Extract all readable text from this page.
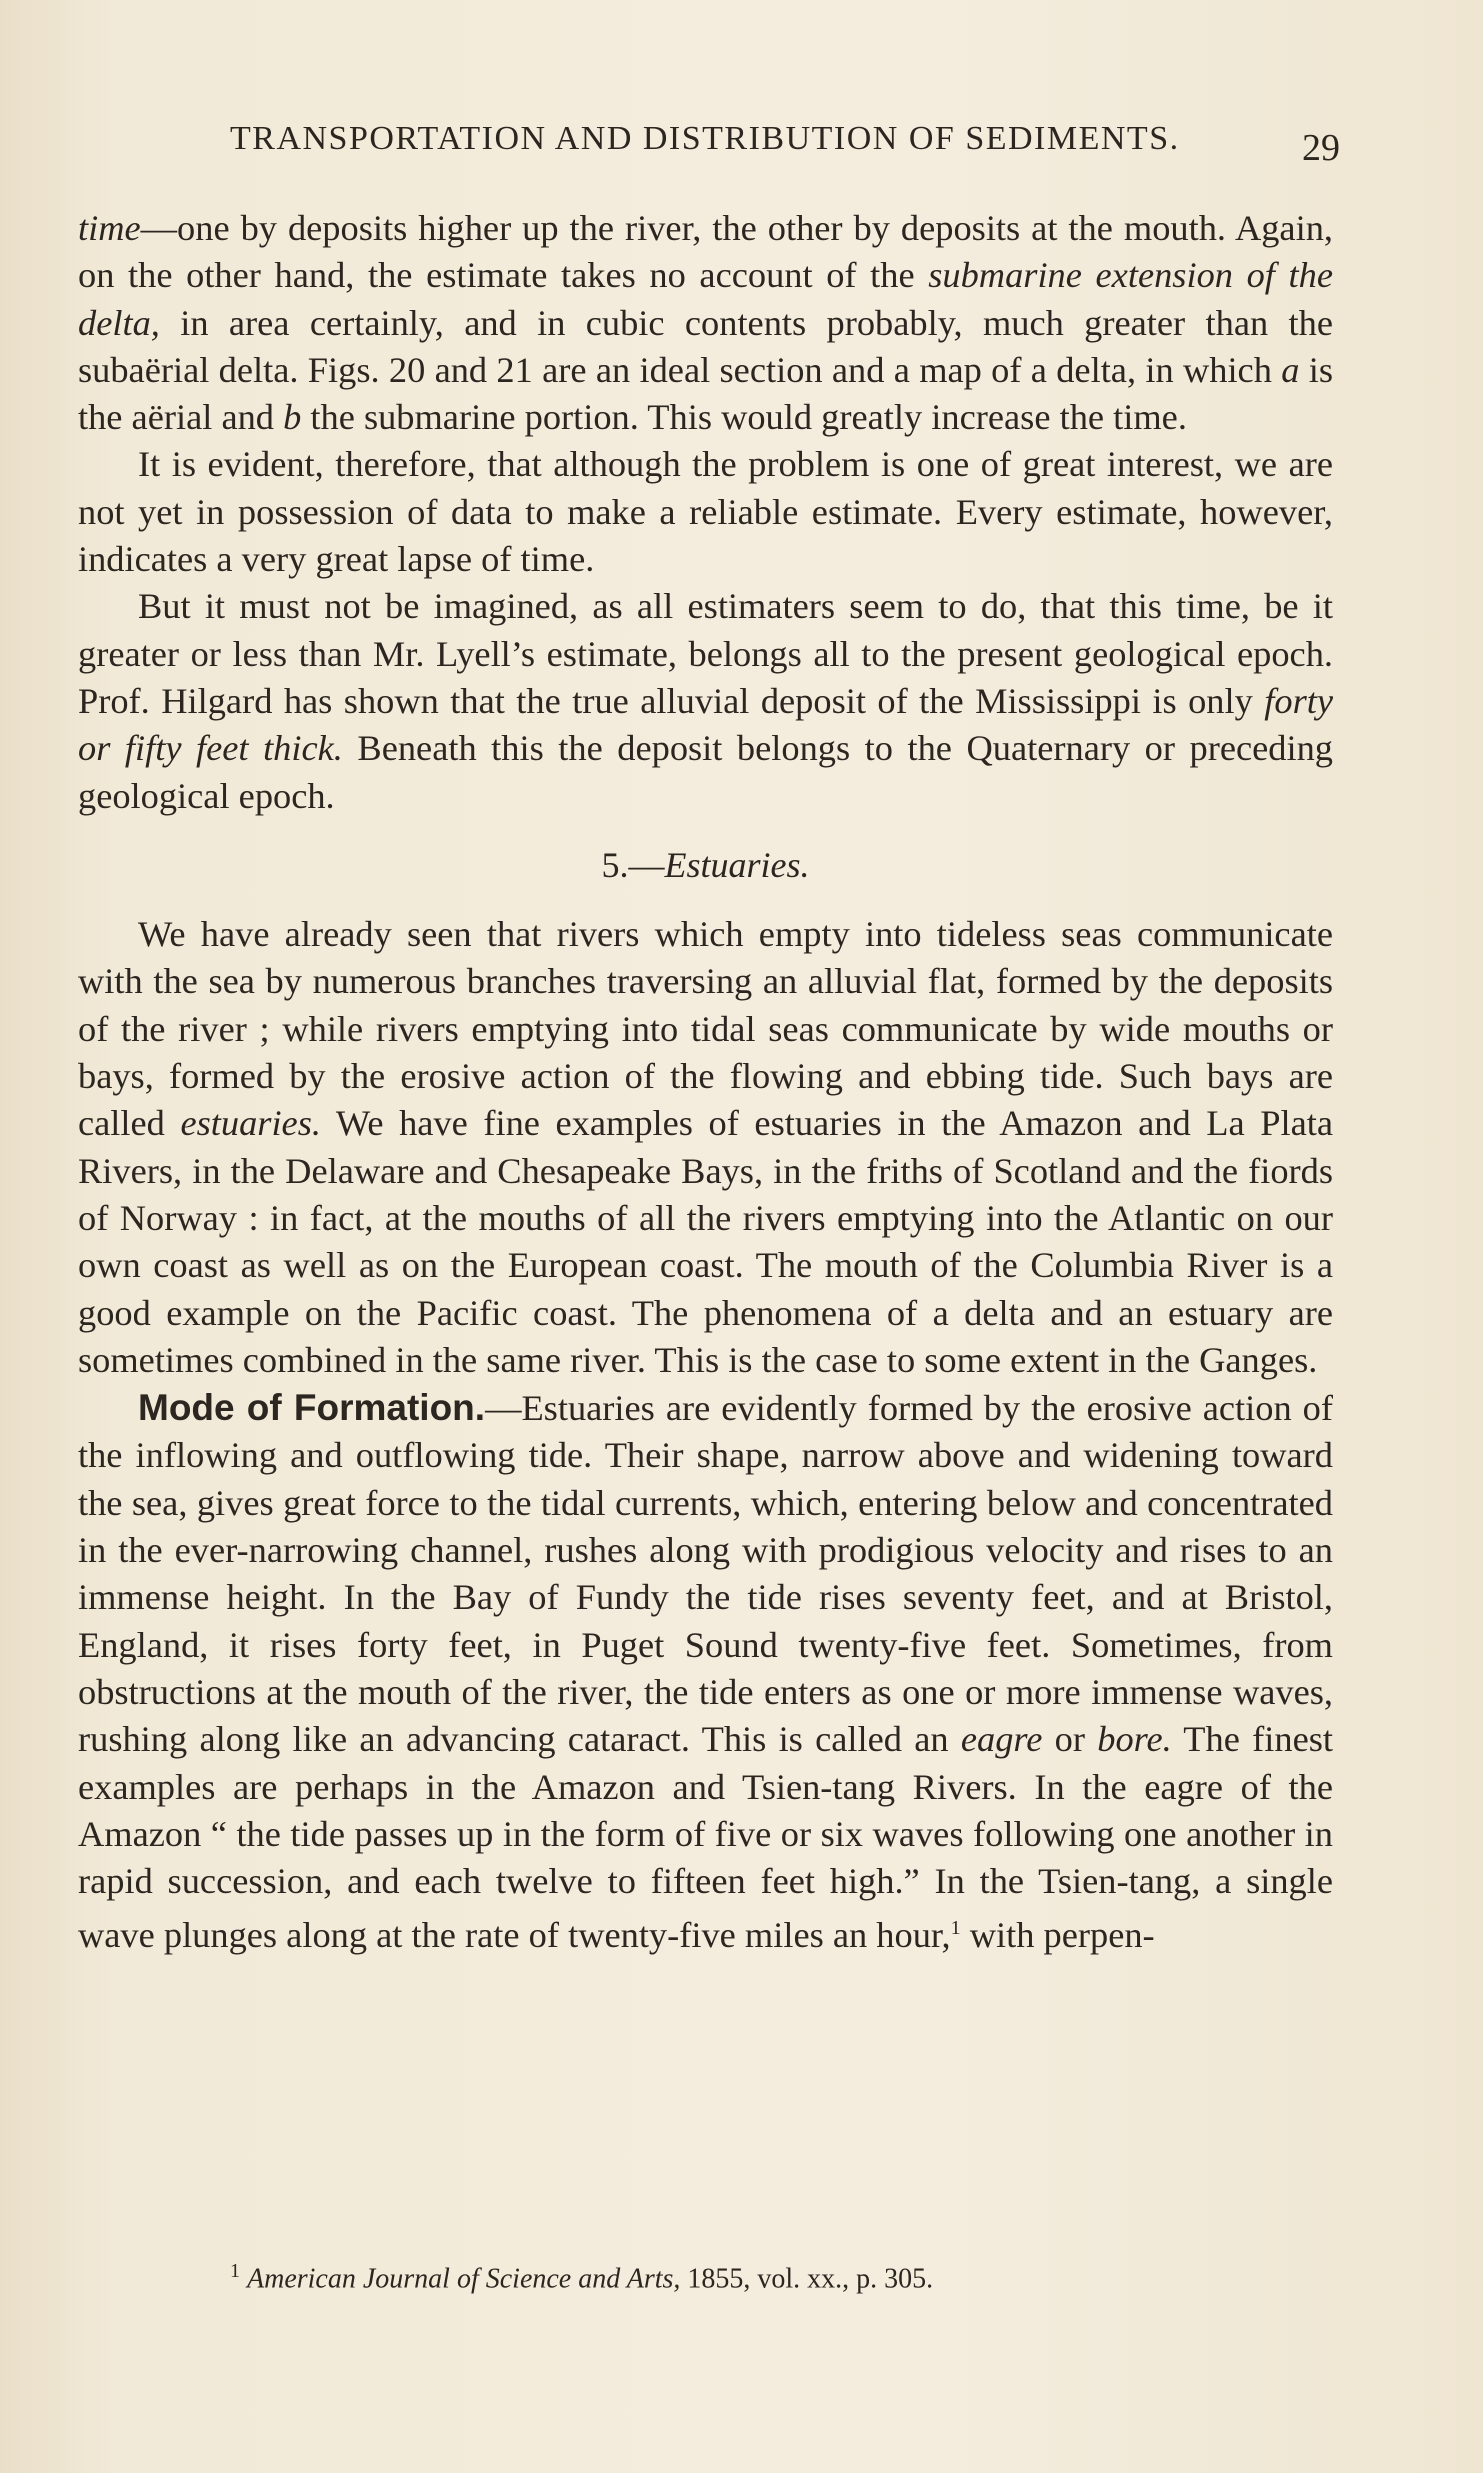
TRANSPORTATION AND DISTRIBUTION OF SEDIMENTS.	29

time—one by deposits higher up the river, the other by deposits at the mouth. Again, on the other hand, the estimate takes no account of the submarine extension of the delta, in area certainly, and in cubic contents probably, much greater than the subaërial delta. Figs. 20 and 21 are an ideal section and a map of a delta, in which a is the aërial and b the submarine portion. This would greatly increase the time.

It is evident, therefore, that although the problem is one of great interest, we are not yet in possession of data to make a reliable estimate. Every estimate, however, indicates a very great lapse of time.

But it must not be imagined, as all estimaters seem to do, that this time, be it greater or less than Mr. Lyell’s estimate, belongs all to the present geological epoch. Prof. Hilgard has shown that the true alluvial deposit of the Mississippi is only forty or fifty feet thick. Beneath this the deposit belongs to the Quaternary or preceding geological epoch.

5.—Estuaries.

We have already seen that rivers which empty into tideless seas communicate with the sea by numerous branches traversing an alluvial flat, formed by the deposits of the river ; while rivers emptying into tidal seas communicate by wide mouths or bays, formed by the erosive action of the flowing and ebbing tide. Such bays are called estuaries. We have fine examples of estuaries in the Amazon and La Plata Rivers, in the Delaware and Chesapeake Bays, in the friths of Scotland and the fiords of Norway : in fact, at the mouths of all the rivers emptying into the Atlantic on our own coast as well as on the European coast. The mouth of the Columbia River is a good example on the Pacific coast. The phenomena of a delta and an estuary are sometimes combined in the same river. This is the case to some extent in the Ganges.

Mode of Formation.—Estuaries are evidently formed by the erosive action of the inflowing and outflowing tide. Their shape, narrow above and widening toward the sea, gives great force to the tidal currents, which, entering below and concentrated in the ever-narrowing channel, rushes along with prodigious velocity and rises to an immense height. In the Bay of Fundy the tide rises seventy feet, and at Bristol, England, it rises forty feet, in Puget Sound twenty-five feet. Sometimes, from obstructions at the mouth of the river, the tide enters as one or more immense waves, rushing along like an advancing cataract. This is called an eagre or bore. The finest examples are perhaps in the Amazon and Tsien-tang Rivers. In the eagre of the Amazon “ the tide passes up in the form of five or six waves following one another in rapid succession, and each twelve to fifteen feet high.” In the Tsien-tang, a single wave plunges along at the rate of twenty-five miles an hour,$^1$ with perpen-

$^1$ American Journal of Science and Arts, 1855, vol. xx., p. 305.
